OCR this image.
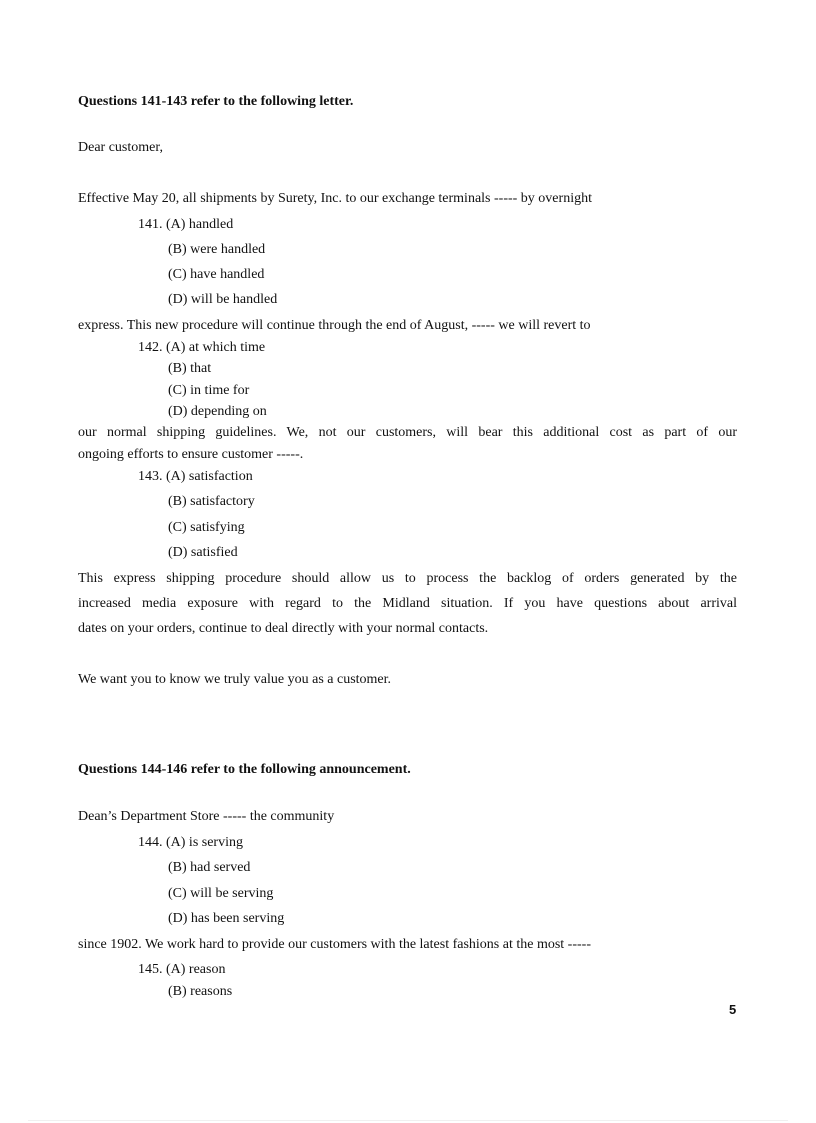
Questions 141-143 refer to the following letter.
Dear customer,
Effective May 20, all shipments by Surety, Inc. to our exchange terminals ----- by overnight
141. (A) handled
(B) were handled
(C) have handled
(D) will be handled
express. This new procedure will continue through the end of August, ----- we will revert to
142. (A) at which time
(B) that
(C) in time for
(D) depending on
our normal shipping guidelines. We, not our customers, will bear this additional cost as part of our
ongoing efforts to ensure customer -----.
143. (A) satisfaction
(B) satisfactory
(C) satisfying
(D) satisfied
This express shipping procedure should allow us to process the backlog of orders generated by the
increased media exposure with regard to the Midland situation. If you have questions about arrival
dates on your orders, continue to deal directly with your normal contacts.
We want you to know we truly value you as a customer.
Questions 144-146 refer to the following announcement.
Dean’s Department Store ----- the community
144. (A) is serving
(B) had served
(C) will be serving
(D) has been serving
since 1902. We work hard to provide our customers with the latest fashions at the most -----
145. (A) reason
(B) reasons
5
